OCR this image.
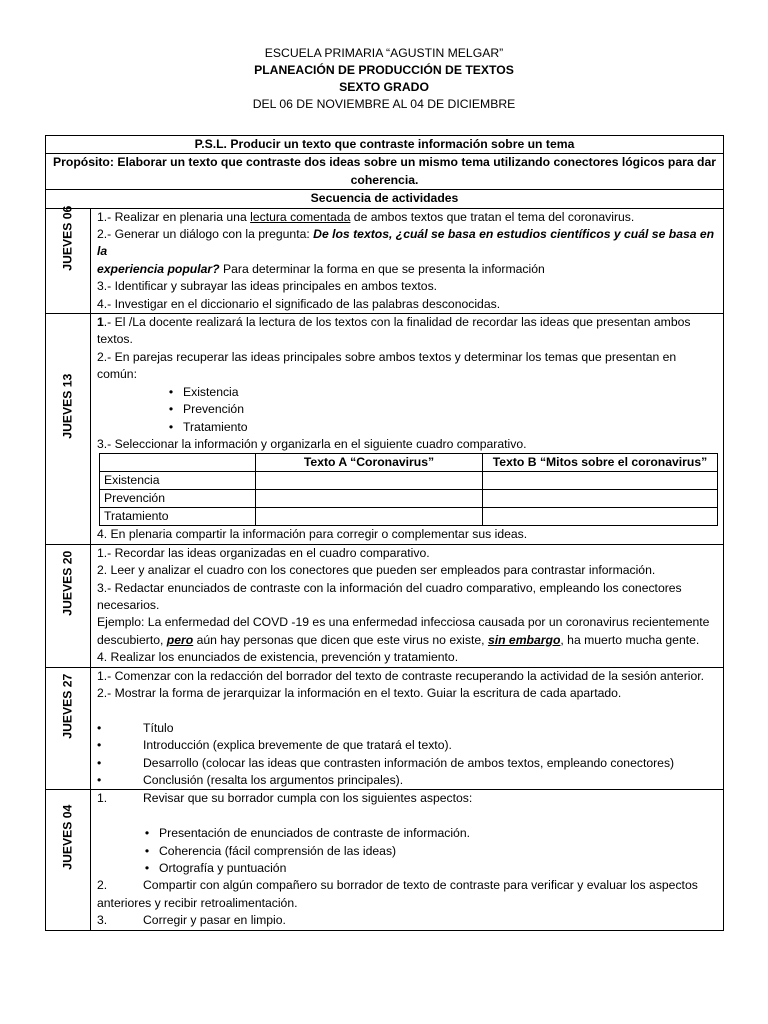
ESCUELA PRIMARIA “AGUSTIN MELGAR”
PLANEACIÓN DE PRODUCCIÓN DE TEXTOS
SEXTO GRADO
DEL 06 DE NOVIEMBRE AL 04 DE DICIEMBRE
P.S.L. Producir un texto que contraste información sobre un tema
Propósito: Elaborar un texto que contraste dos ideas sobre un mismo tema utilizando conectores lógicos para dar coherencia.
Secuencia de actividades

JUEVES 06	1.- Realizar en plenaria una lectura comentada de ambos textos que tratan el tema del coronavirus.
2.- Generar un diálogo con la pregunta: De los textos, ¿cuál se basa en estudios científicos y cuál se basa en la
experiencia popular? Para determinar la forma en que se presenta la información
3.- Identificar y subrayar las ideas principales en ambos textos.
4.- Investigar en el diccionario el significado de las palabras desconocidas.

JUEVES 13

1.- El /La docente realizará la lectura de los textos con la finalidad de recordar las ideas que presentan ambos textos.
2.- En parejas recuperar las ideas principales sobre ambos textos y determinar los temas que presentan en común:
• Existencia
• Prevención
• Tratamiento
3.- Seleccionar la información y organizarla en el siguiente cuadro comparativo.
	Texto A “Coronavirus”	Texto B “Mitos sobre el coronavirus”
Existencia		
Prevención		
Tratamiento		
4. En plenaria compartir la información para corregir o complementar sus ideas.

JUEVES 20	1.- Recordar las ideas organizadas en el cuadro comparativo.
2. Leer y analizar el cuadro con los conectores que pueden ser empleados para contrastar información.
3.- Redactar enunciados de contraste con la información del cuadro comparativo, empleando los conectores necesarios.
Ejemplo: La enfermedad del COVD -19 es una enfermedad infecciosa causada por un coronavirus recientemente descubierto, pero aún hay personas que dicen que este virus no existe, sin embargo, ha muerto mucha gente.
4. Realizar los enunciados de existencia, prevención y tratamiento.

JUEVES 27	1.- Comenzar con la redacción del borrador del texto de contraste recuperando la actividad de la sesión anterior.
2.- Mostrar la forma de jerarquizar la información en el texto. Guiar la escritura de cada apartado.
•	Título
•	Introducción (explica brevemente de que tratará el texto).
•	Desarrollo (colocar las ideas que contrasten información de ambos textos, empleando conectores)
•	Conclusión (resalta los argumentos principales).

JUEVES 04

1.	Revisar que su borrador cumpla con los siguientes aspectos:
• Presentación de enunciados de contraste de información.
• Coherencia (fácil comprensión de las ideas)
• Ortografía y puntuación
2.	Compartir con algún compañero su borrador de texto de contraste para verificar y evaluar los aspectos anteriores y recibir retroalimentación.
3.	Corregir y pasar en limpio.
